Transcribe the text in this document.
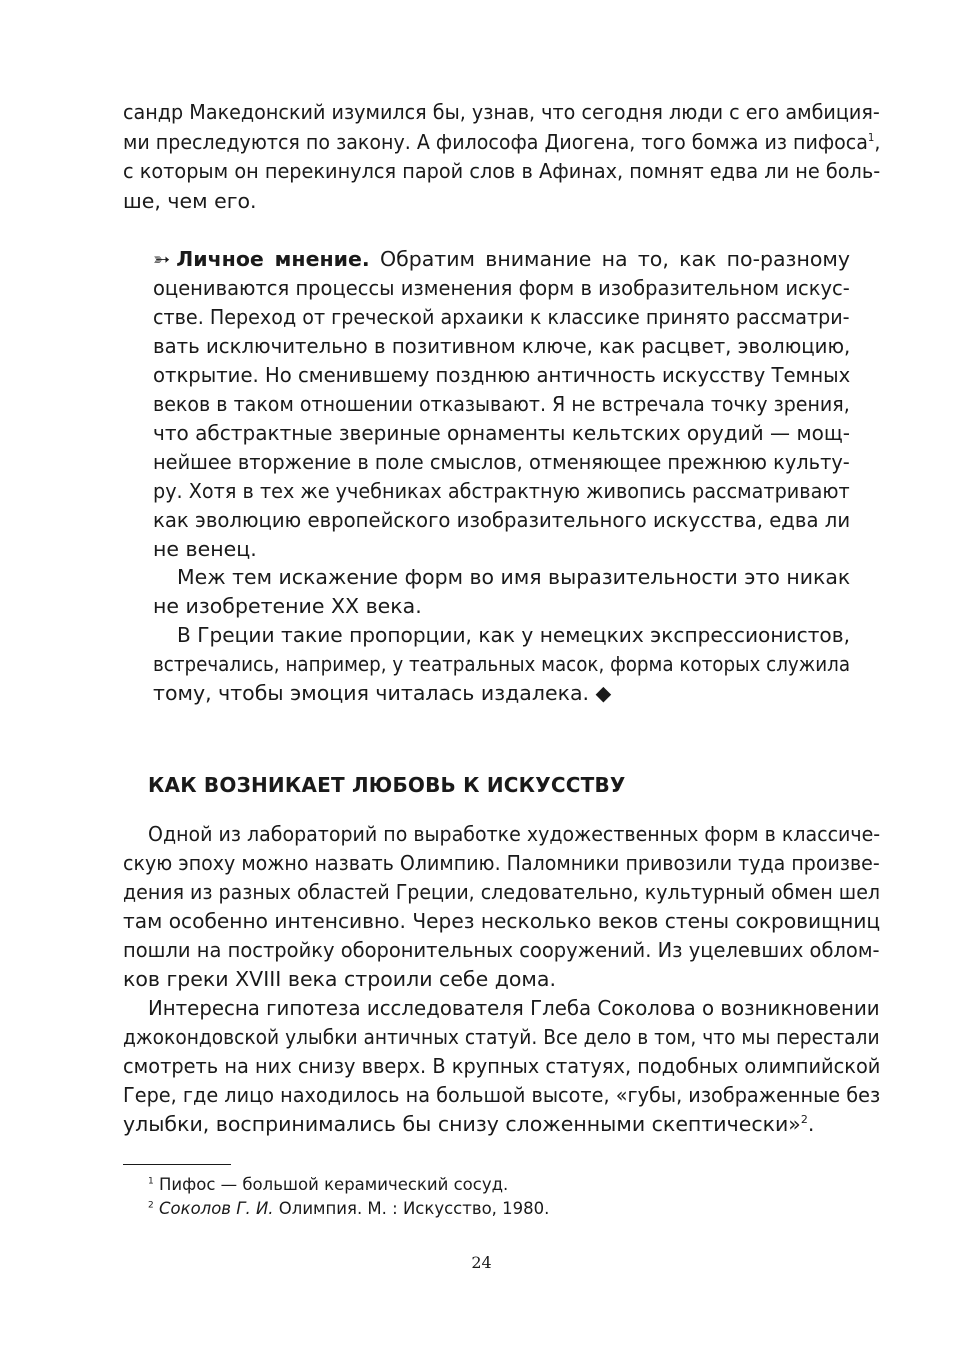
сандр Македонский изумился бы, узнав, что сегодня люди с его амбиция-
ми преследуются по закону. А философа Диогена, того бомжа из пифоса$^1$,
с которым он перекинулся парой слов в Афинах, помнят едва ли не боль-
ше, чем его.
➳ Личное мнение. Обратим внимание на то, как по-разному
оцениваются процессы изменения форм в изобразительном искус-
стве. Переход от греческой архаики к классике принято рассматри-
вать исключительно в позитивном ключе, как расцвет, эволюцию,
открытие. Но сменившему позднюю античность искусству Темных
веков в таком отношении отказывают. Я не встречала точку зрения,
что абстрактные звериные орнаменты кельтских орудий — мощ-
нейшее вторжение в поле смыслов, отменяющее прежнюю культу-
ру. Хотя в тех же учебниках абстрактную живопись рассматривают
как эволюцию европейского изобразительного искусства, едва ли
не венец.
Меж тем искажение форм во имя выразительности это никак
не изобретение XX века.
В Греции такие пропорции, как у немецких экспрессионистов,
встречались, например, у театральных масок, форма которых служила
тому, чтобы эмоция читалась издалека. ◆
КАК ВОЗНИКАЕТ ЛЮБОВЬ К ИСКУССТВУ
Одной из лабораторий по выработке художественных форм в классиче-
скую эпоху можно назвать Олимпию. Паломники привозили туда произве-
дения из разных областей Греции, следовательно, культурный обмен шел
там особенно интенсивно. Через несколько веков стены сокровищниц
пошли на постройку оборонительных сооружений. Из уцелевших облом-
ков греки XVIII века строили себе дома.
Интересна гипотеза исследователя Глеба Соколова о возникновении
джокондовской улыбки античных статуй. Все дело в том, что мы перестали
смотреть на них снизу вверх. В крупных статуях, подобных олимпийской
Гере, где лицо находилось на большой высоте, «губы, изображенные без
улыбки, воспринимались бы снизу сложенными скептически»$^2$.
$^1$ Пифос — большой керамический сосуд.
$^2$ Соколов Г. И. Олимпия. М. : Искусство, 1980.
24
